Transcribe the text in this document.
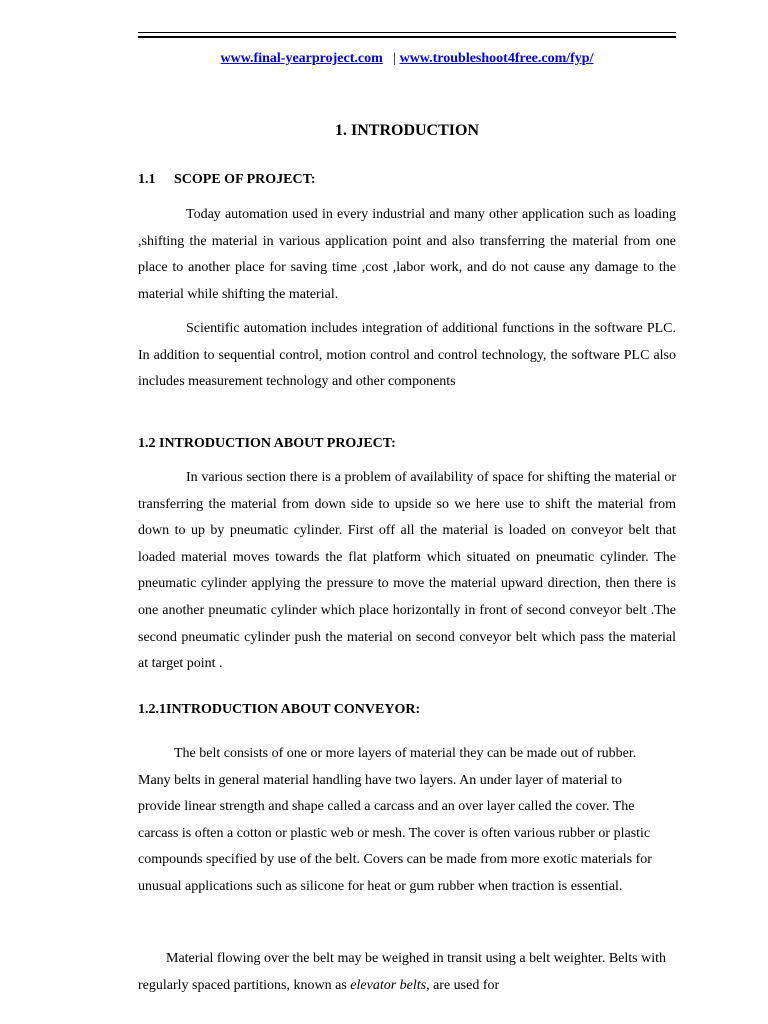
www.final-yearproject.com | www.troubleshoot4free.com/fyp/
1. INTRODUCTION
1.1 SCOPE OF PROJECT:

Today automation used in every industrial and many other application such as loading ,shifting the material in various application point and also transferring the material from one place to another place for saving time ,cost ,labor work, and do not cause any damage to the material while shifting the material.

Scientific automation includes integration of additional functions in the software PLC. In addition to sequential control, motion control and control technology, the software PLC also includes measurement technology and other components

1.2 INTRODUCTION ABOUT PROJECT:

In various section there is a problem of availability of space for shifting the material or transferring the material from down side to upside so we here use to shift the material from down to up by pneumatic cylinder. First off all the material is loaded on conveyor belt that loaded material moves towards the flat platform which situated on pneumatic cylinder. The pneumatic cylinder applying the pressure to move the material upward direction, then there is one another pneumatic cylinder which place horizontally in front of second conveyor belt .The second pneumatic cylinder push the material on second conveyor belt which pass the material at target point .

1.2.1INTRODUCTION ABOUT CONVEYOR:

The belt consists of one or more layers of material they can be made out of rubber. Many belts in general material handling have two layers. An under layer of material to provide linear strength and shape called a carcass and an over layer called the cover. The carcass is often a cotton or plastic web or mesh. The cover is often various rubber or plastic compounds specified by use of the belt. Covers can be made from more exotic materials for unusual applications such as silicone for heat or gum rubber when traction is essential.

Material flowing over the belt may be weighed in transit using a belt weighter. Belts with regularly spaced partitions, known as elevator belts, are used for
